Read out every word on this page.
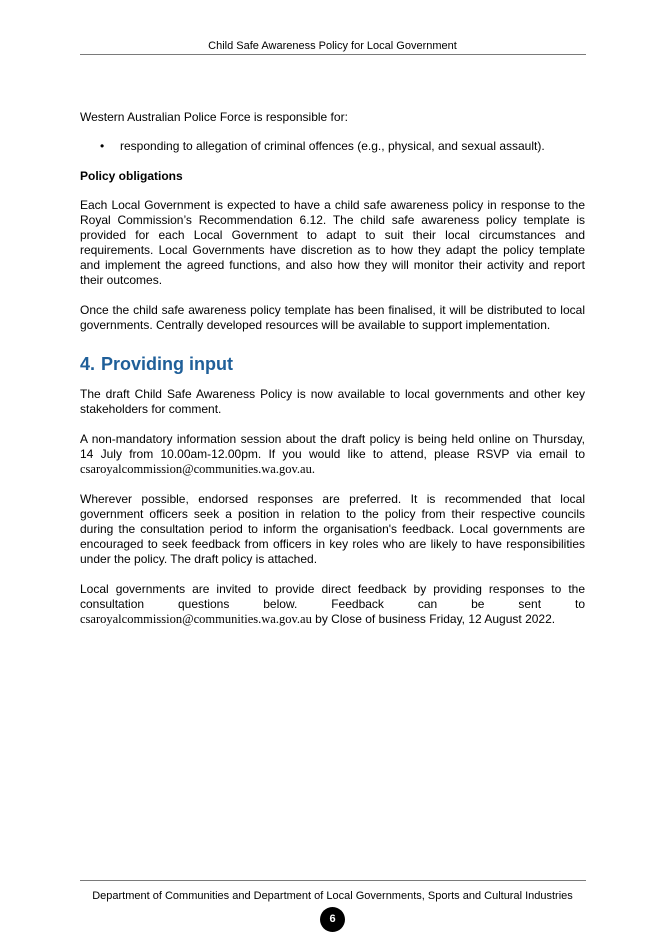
Child Safe Awareness Policy for Local Government

Western Australian Police Force is responsible for:

• responding to allegation of criminal offences (e.g., physical, and sexual assault).

Policy obligations

Each Local Government is expected to have a child safe awareness policy in response to the Royal Commission’s Recommendation 6.12. The child safe awareness policy template is provided for each Local Government to adapt to suit their local circumstances and requirements. Local Governments have discretion as to how they adapt the policy template and implement the agreed functions, and also how they will monitor their activity and report their outcomes.

Once the child safe awareness policy template has been finalised, it will be distributed to local governments. Centrally developed resources will be available to support implementation.

4. Providing input

The draft Child Safe Awareness Policy is now available to local governments and other key stakeholders for comment.

A non-mandatory information session about the draft policy is being held online on Thursday, 14 July from 10.00am-12.00pm. If you would like to attend, please RSVP via email to csaroyalcommission@communities.wa.gov.au.

Wherever possible, endorsed responses are preferred. It is recommended that local government officers seek a position in relation to the policy from their respective councils during the consultation period to inform the organisation's feedback. Local governments are encouraged to seek feedback from officers in key roles who are likely to have responsibilities under the policy. The draft policy is attached.

Local governments are invited to provide direct feedback by providing responses to the

consultation questions below. Feedback can be sent to

csaroyalcommission@communities.wa.gov.au by Close of business Friday, 12 August 2022.

Department of Communities and Department of Local Governments, Sports and Cultural Industries
6
